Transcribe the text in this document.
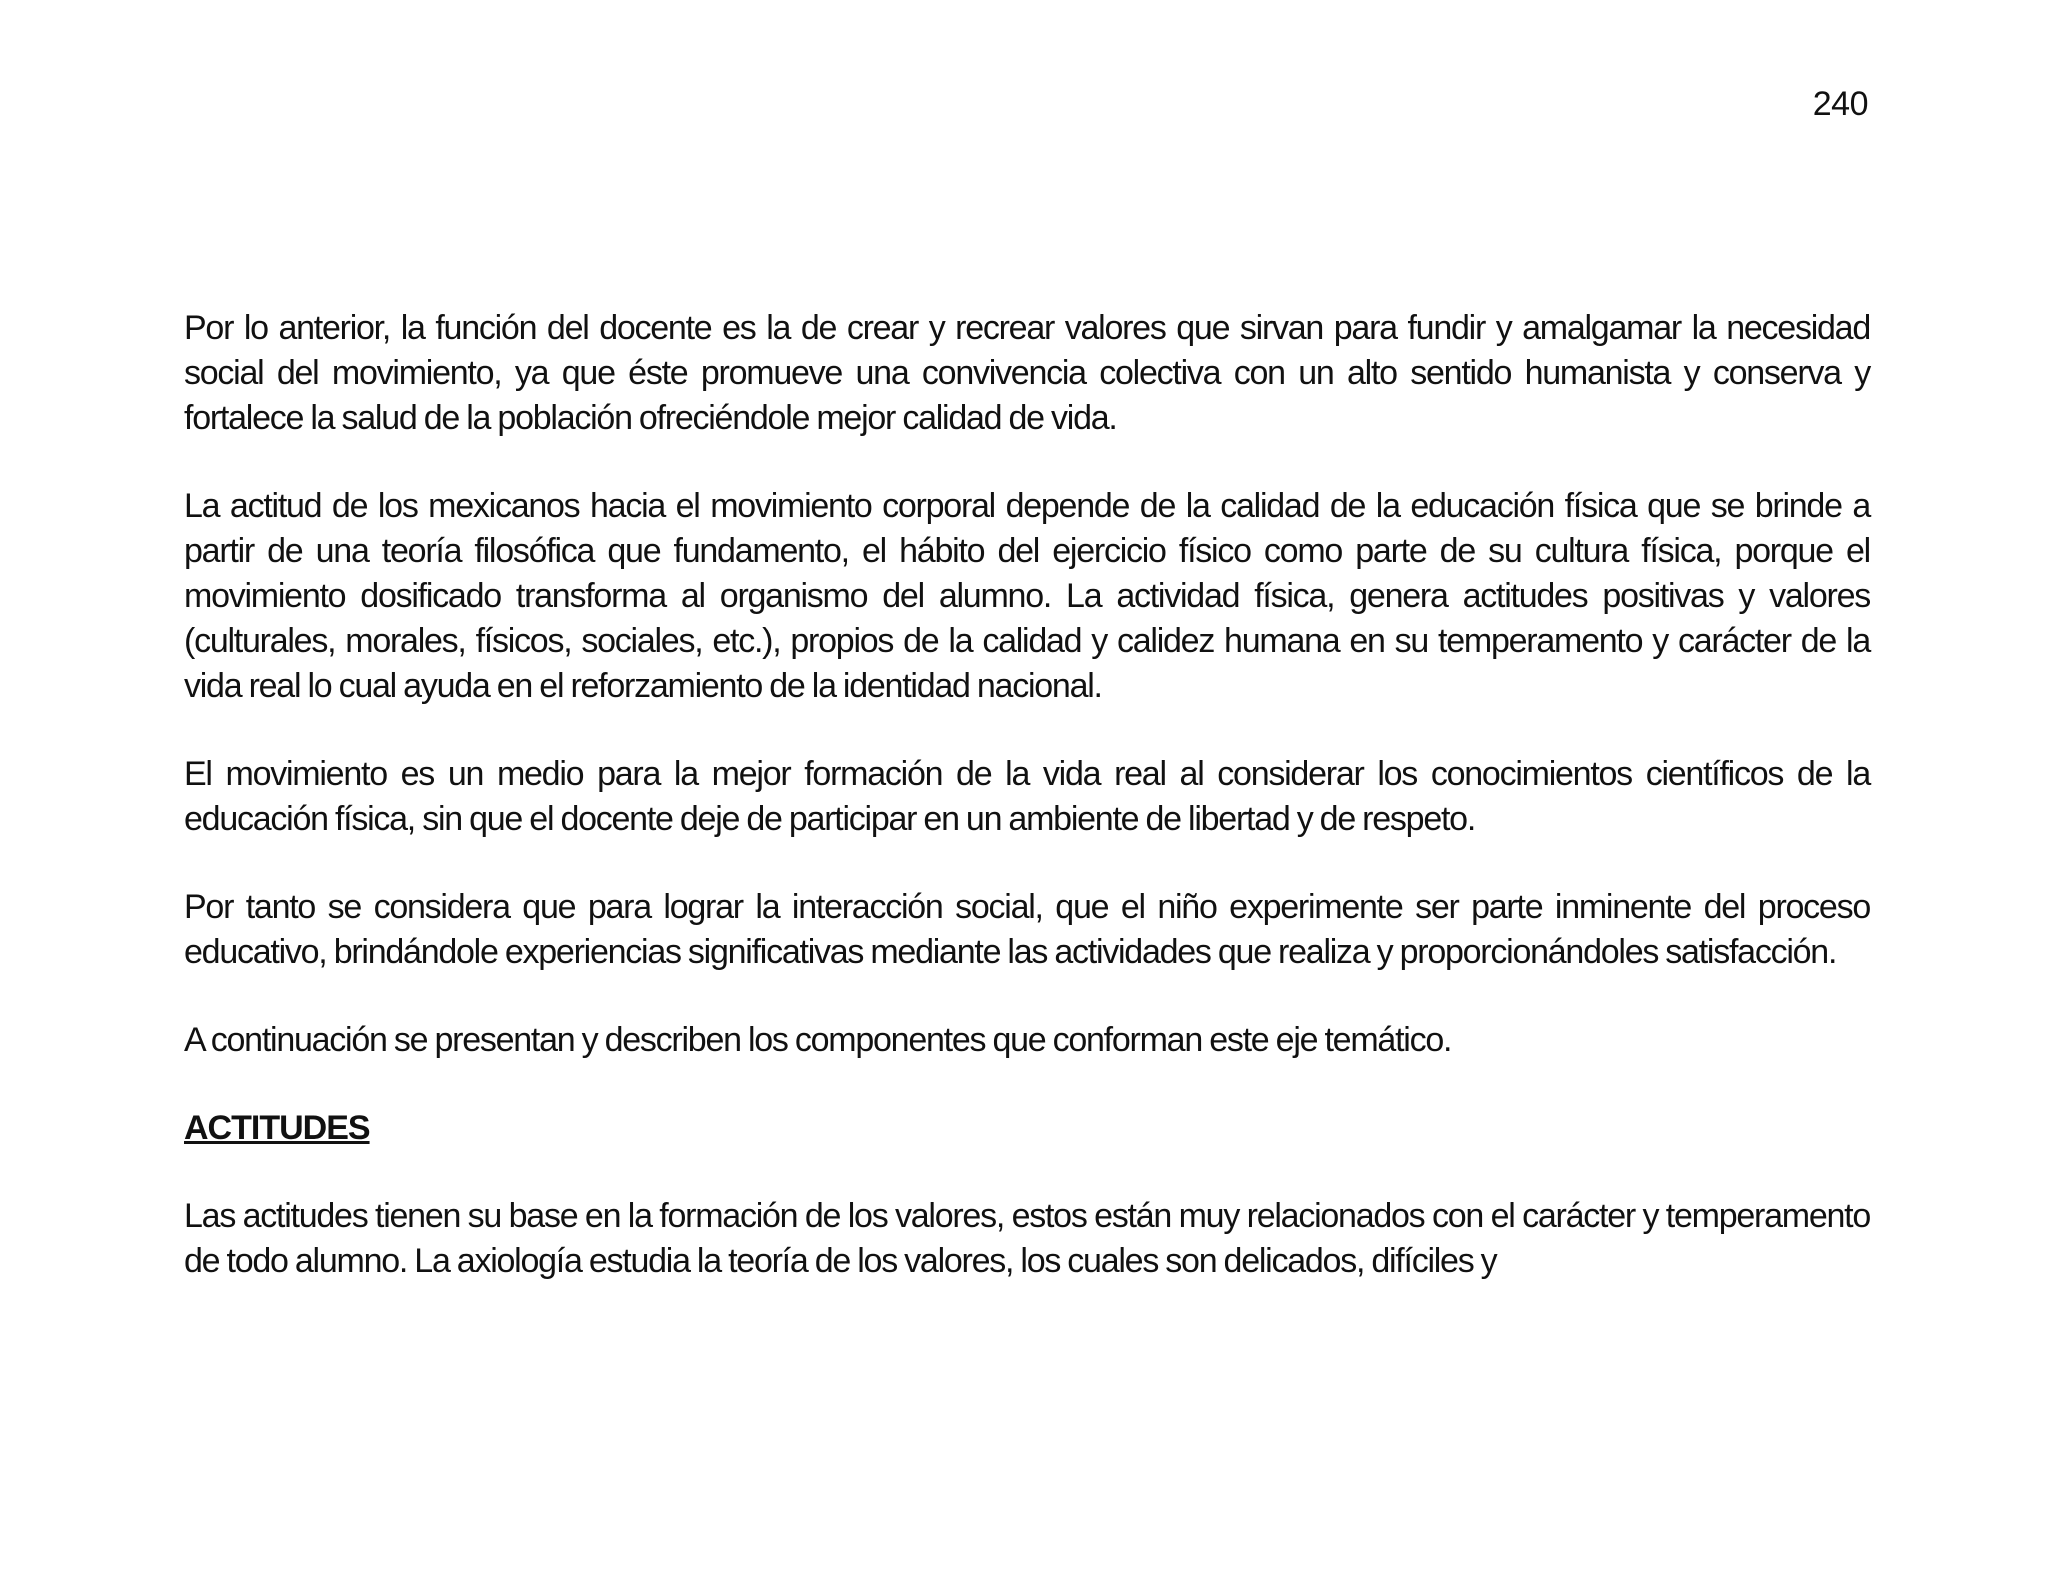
240

Por lo anterior, la función del docente es la de crear y recrear valores que sirvan para fundir y amalgamar la necesidad social del movimiento, ya que éste promueve una convivencia colectiva con un alto sentido humanista y conserva y fortalece la salud de la población ofreciéndole mejor calidad de vida.

La actitud de los mexicanos hacia el movimiento corporal depende de la calidad de la educación física que se brinde a partir de una teoría filosófica que fundamento, el hábito del ejercicio físico como parte de su cultura física, porque el movimiento dosificado transforma al organismo del alumno. La actividad física, genera actitudes positivas y valores (culturales, morales, físicos, sociales, etc.), propios de la calidad y calidez humana en su temperamento y carácter de la vida real lo cual ayuda en el reforzamiento de la identidad nacional.

El movimiento es un medio para la mejor formación de la vida real al considerar los conocimientos científicos de la educación física, sin que el docente deje de participar en un ambiente de libertad y de respeto.

Por tanto se considera que para lograr la interacción social, que el niño experimente ser parte inminente del proceso educativo, brindándole experiencias significativas mediante las actividades que realiza y proporcionándoles satisfacción.

A continuación se presentan y describen los componentes que conforman este eje temático.

ACTITUDES

Las actitudes tienen su base en la formación de los valores, estos están muy relacionados con el carácter y temperamento de todo alumno. La axiología estudia la teoría de los valores, los cuales son delicados, difíciles y
